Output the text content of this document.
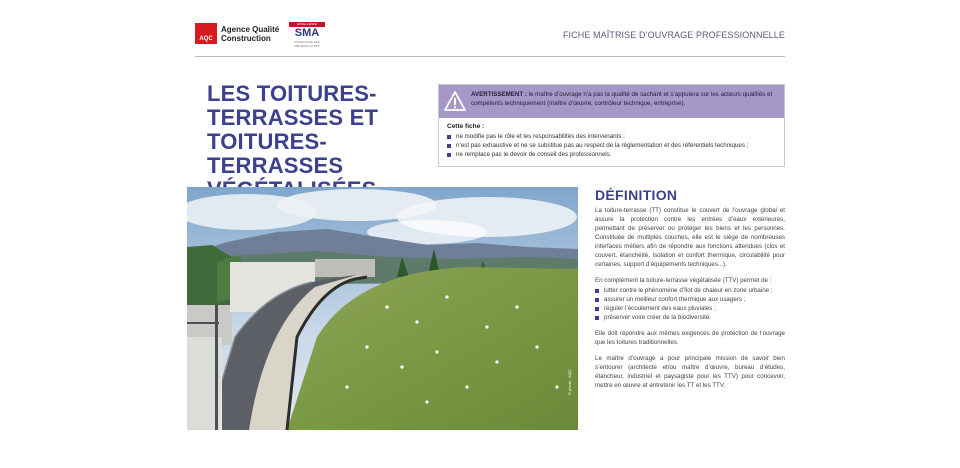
AQC
Agence Qualité Construction
EXCELLENCE
SMA
ASSURANCE DES MÉTIERS DU BTP
FICHE MAÎTRISE D’OUVRAGE PROFESSIONNELLE
LES TOITURES-
TERRASSES ET
TOITURES-TERRASSES
AVERTISSEMENT : le maître d’ouvrage n’a pas la qualité de sachant et s’appuiera sur les acteurs qualifiés et compétents techniquement (maître d’œuvre, contrôleur technique, entreprise).
Cette fiche :
ne modifie pas le rôle et les responsabilités des intervenants ;
n’est pas exhaustive et ne se substitue pas au respect de la réglementation et des référentiels techniques ;
ne remplace pas le devoir de conseil des professionnels.
© photo : AQC
DÉFINITION

La toiture-terrasse (TT) constitue le couvert de l’ouvrage global et assure la protection contre les entrées d’eaux extérieures, permettant de préserver ou protéger les biens et les personnes. Constituée de multiples couches, elle est le siège de nombreuses interfaces métiers afin de répondre aux fonctions attendues (clos et couvert, étanchéité, isolation et confort thermique, circulabilité pour certaines, support d’équipements techniques...).

En complément la toiture-terrasse végétalisée (TTV) permet de :

lutter contre le phénomène d’îlot de chaleur en zone urbaine ;
assurer un meilleur confort thermique aux usagers ;
réguler l’écoulement des eaux pluviales ;
préserver voire créer de la biodiversité.

Elle doit répondre aux mêmes exigences de protection de l’ouvrage que les toitures traditionnelles.

Le maître d’ouvrage a pour principale mission de savoir bien s’entourer (architecte et/ou maître d’œuvre, bureau d’études, étancheur, industriel et paysagiste pour les TTV) pour concevoir, mettre en œuvre et entretenir les TT et les TTV.
